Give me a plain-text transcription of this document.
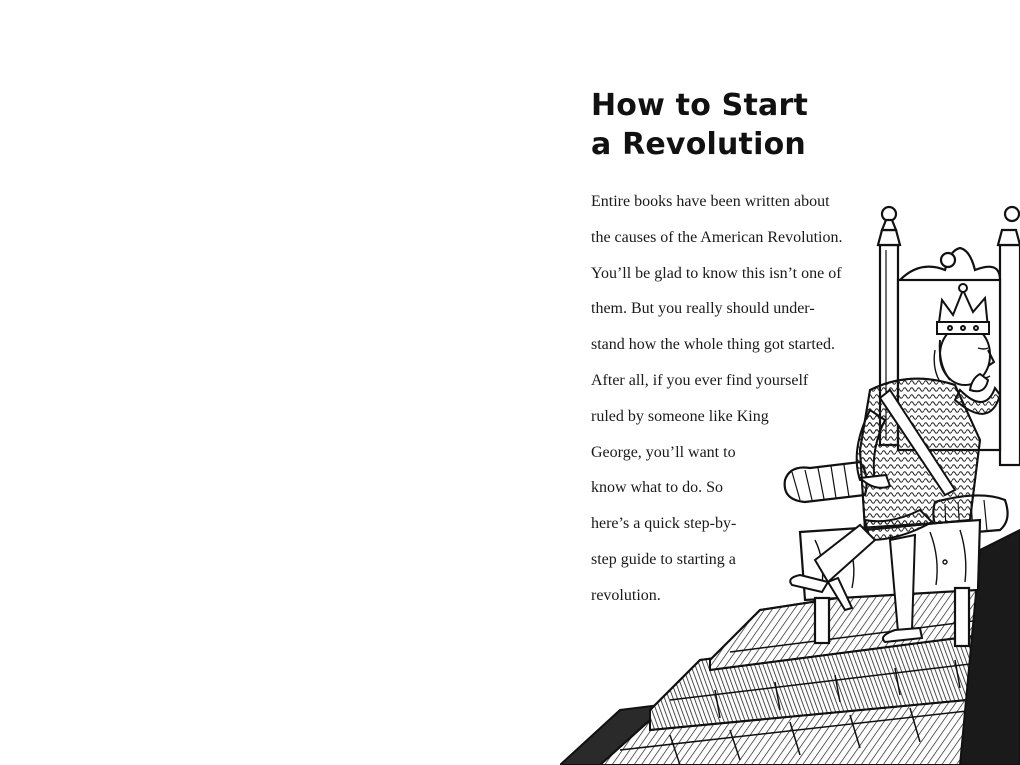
How to Start
a Revolution
Entire books have been written about
the causes of the American Revolution.
You’ll be glad to know this isn’t one of
them. But you really should under-
stand how the whole thing got started.
After all, if you ever find yourself
ruled by someone like King
George, you’ll want to
know what to do. So
here’s a quick step-by-
step guide to starting a
revolution.
